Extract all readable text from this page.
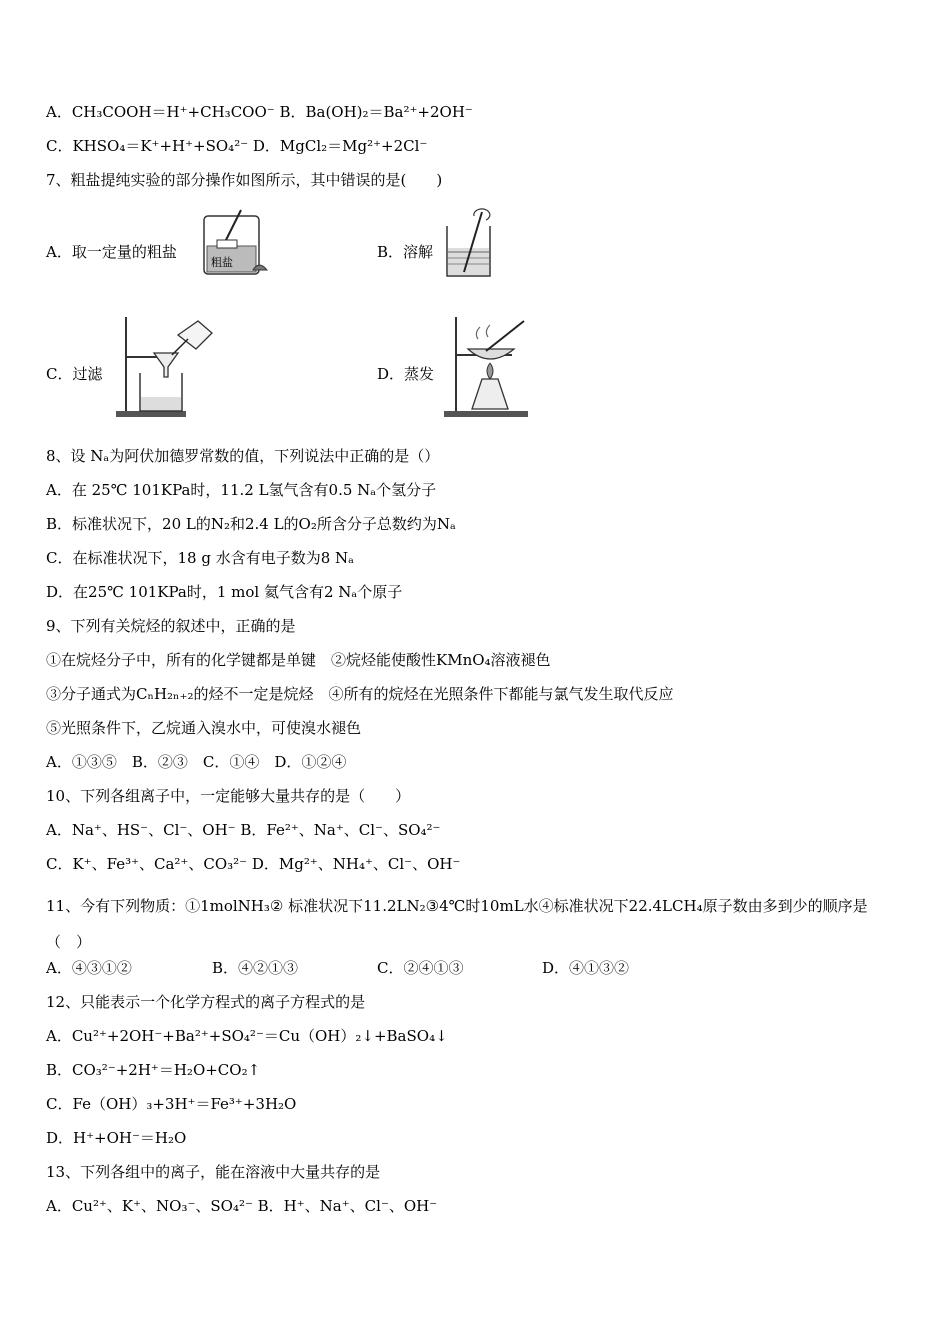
A．CH₃COOH＝H⁺+CH₃COO⁻ B．Ba(OH)₂＝Ba²⁺+2OH⁻
C．KHSO₄＝K⁺+H⁺+SO₄²⁻ D．MgCl₂＝Mg²⁺+2Cl⁻
7、粗盐提纯实验的部分操作如图所示，其中错误的是(　　)
A．取一定量的粗盐
粗盐
B．溶解
C．过滤	D．蒸发
8、设 Nₐ为阿伏加德罗常数的值，下列说法中正确的是（）
A．在 25℃ 101KPa时，11.2 L氢气含有0.5 Nₐ个氢分子
B．标准状况下，20 L的N₂和2.4 L的O₂所含分子总数约为Nₐ
C．在标准状况下，18 g 水含有电子数为8 Nₐ
D．在25℃ 101KPa时，1 mol 氦气含有2 Nₐ个原子
9、下列有关烷烃的叙述中，正确的是
①在烷烃分子中，所有的化学键都是单键　②烷烃能使酸性KMnO₄溶液褪色
③分子通式为CₙH₂ₙ₊₂的烃不一定是烷烃　④所有的烷烃在光照条件下都能与氯气发生取代反应
⑤光照条件下，乙烷通入溴水中，可使溴水褪色
A．①③⑤　B．②③　C．①④　D．①②④
10、下列各组离子中，一定能够大量共存的是（　　）
A．Na⁺、HS⁻、Cl⁻、OH⁻ B．Fe²⁺、Na⁺、Cl⁻、SO₄²⁻
C．K⁺、Fe³⁺、Ca²⁺、CO₃²⁻ D．Mg²⁺、NH₄⁺、Cl⁻、OH⁻
11、今有下列物质：①1molNH₃② 标准状况下11.2LN₂③4℃时10mL水④标准状况下22.4LCH₄原子数由多到少的顺序是（　）
A．④③①②	B．④②①③	C．②④①③	D．④①③②
12、只能表示一个化学方程式的离子方程式的是
A．Cu²⁺+2OH⁻+Ba²⁺+SO₄²⁻＝Cu（OH）₂↓+BaSO₄↓
B．CO₃²⁻+2H⁺＝H₂O+CO₂↑
C．Fe（OH）₃+3H⁺＝Fe³⁺+3H₂O
D．H⁺+OH⁻＝H₂O
13、下列各组中的离子，能在溶液中大量共存的是
A．Cu²⁺、K⁺、NO₃⁻、SO₄²⁻ B．H⁺、Na⁺、Cl⁻、OH⁻
